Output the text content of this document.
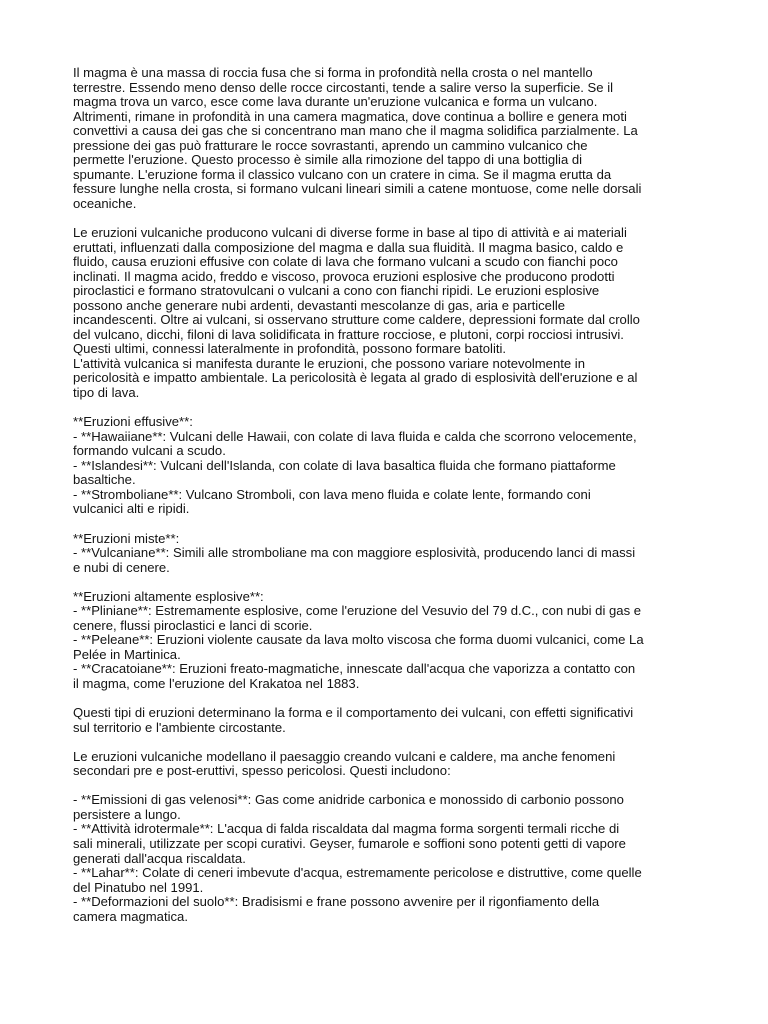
Il magma è una massa di roccia fusa che si forma in profondità nella crosta o nel mantello
terrestre. Essendo meno denso delle rocce circostanti, tende a salire verso la superficie. Se il
magma trova un varco, esce come lava durante un'eruzione vulcanica e forma un vulcano.
Altrimenti, rimane in profondità in una camera magmatica, dove continua a bollire e genera moti
convettivi a causa dei gas che si concentrano man mano che il magma solidifica parzialmente. La
pressione dei gas può fratturare le rocce sovrastanti, aprendo un cammino vulcanico che
permette l'eruzione. Questo processo è simile alla rimozione del tappo di una bottiglia di
spumante. L'eruzione forma il classico vulcano con un cratere in cima. Se il magma erutta da
fessure lunghe nella crosta, si formano vulcani lineari simili a catene montuose, come nelle dorsali
oceaniche.

Le eruzioni vulcaniche producono vulcani di diverse forme in base al tipo di attività e ai materiali
eruttati, influenzati dalla composizione del magma e dalla sua fluidità. Il magma basico, caldo e
fluido, causa eruzioni effusive con colate di lava che formano vulcani a scudo con fianchi poco
inclinati. Il magma acido, freddo e viscoso, provoca eruzioni esplosive che producono prodotti
piroclastici e formano stratovulcani o vulcani a cono con fianchi ripidi. Le eruzioni esplosive
possono anche generare nubi ardenti, devastanti mescolanze di gas, aria e particelle
incandescenti. Oltre ai vulcani, si osservano strutture come caldere, depressioni formate dal crollo
del vulcano, dicchi, filoni di lava solidificata in fratture rocciose, e plutoni, corpi rocciosi intrusivi.
Questi ultimi, connessi lateralmente in profondità, possono formare batoliti.
L'attività vulcanica si manifesta durante le eruzioni, che possono variare notevolmente in
pericolosità e impatto ambientale. La pericolosità è legata al grado di esplosività dell'eruzione e al
tipo di lava.

**Eruzioni effusive**:
- **Hawaiiane**: Vulcani delle Hawaii, con colate di lava fluida e calda che scorrono velocemente,
formando vulcani a scudo.
- **Islandesi**: Vulcani dell'Islanda, con colate di lava basaltica fluida che formano piattaforme
basaltiche.
- **Stromboliane**: Vulcano Stromboli, con lava meno fluida e colate lente, formando coni
vulcanici alti e ripidi.

**Eruzioni miste**:
- **Vulcaniane**: Simili alle stromboliane ma con maggiore esplosività, producendo lanci di massi
e nubi di cenere.

**Eruzioni altamente esplosive**:
- **Pliniane**: Estremamente esplosive, come l'eruzione del Vesuvio del 79 d.C., con nubi di gas e
cenere, flussi piroclastici e lanci di scorie.
- **Peleane**: Eruzioni violente causate da lava molto viscosa che forma duomi vulcanici, come La
Pelée in Martinica.
- **Cracatoiane**: Eruzioni freato-magmatiche, innescate dall'acqua che vaporizza a contatto con
il magma, come l'eruzione del Krakatoa nel 1883.

Questi tipi di eruzioni determinano la forma e il comportamento dei vulcani, con effetti significativi
sul territorio e l'ambiente circostante.

Le eruzioni vulcaniche modellano il paesaggio creando vulcani e caldere, ma anche fenomeni
secondari pre e post-eruttivi, spesso pericolosi. Questi includono:

- **Emissioni di gas velenosi**: Gas come anidride carbonica e monossido di carbonio possono
persistere a lungo.
- **Attività idrotermale**: L'acqua di falda riscaldata dal magma forma sorgenti termali ricche di
sali minerali, utilizzate per scopi curativi. Geyser, fumarole e soffioni sono potenti getti di vapore
generati dall'acqua riscaldata.
- **Lahar**: Colate di ceneri imbevute d'acqua, estremamente pericolose e distruttive, come quelle
del Pinatubo nel 1991.
- **Deformazioni del suolo**: Bradisismi e frane possono avvenire per il rigonfiamento della
camera magmatica.
